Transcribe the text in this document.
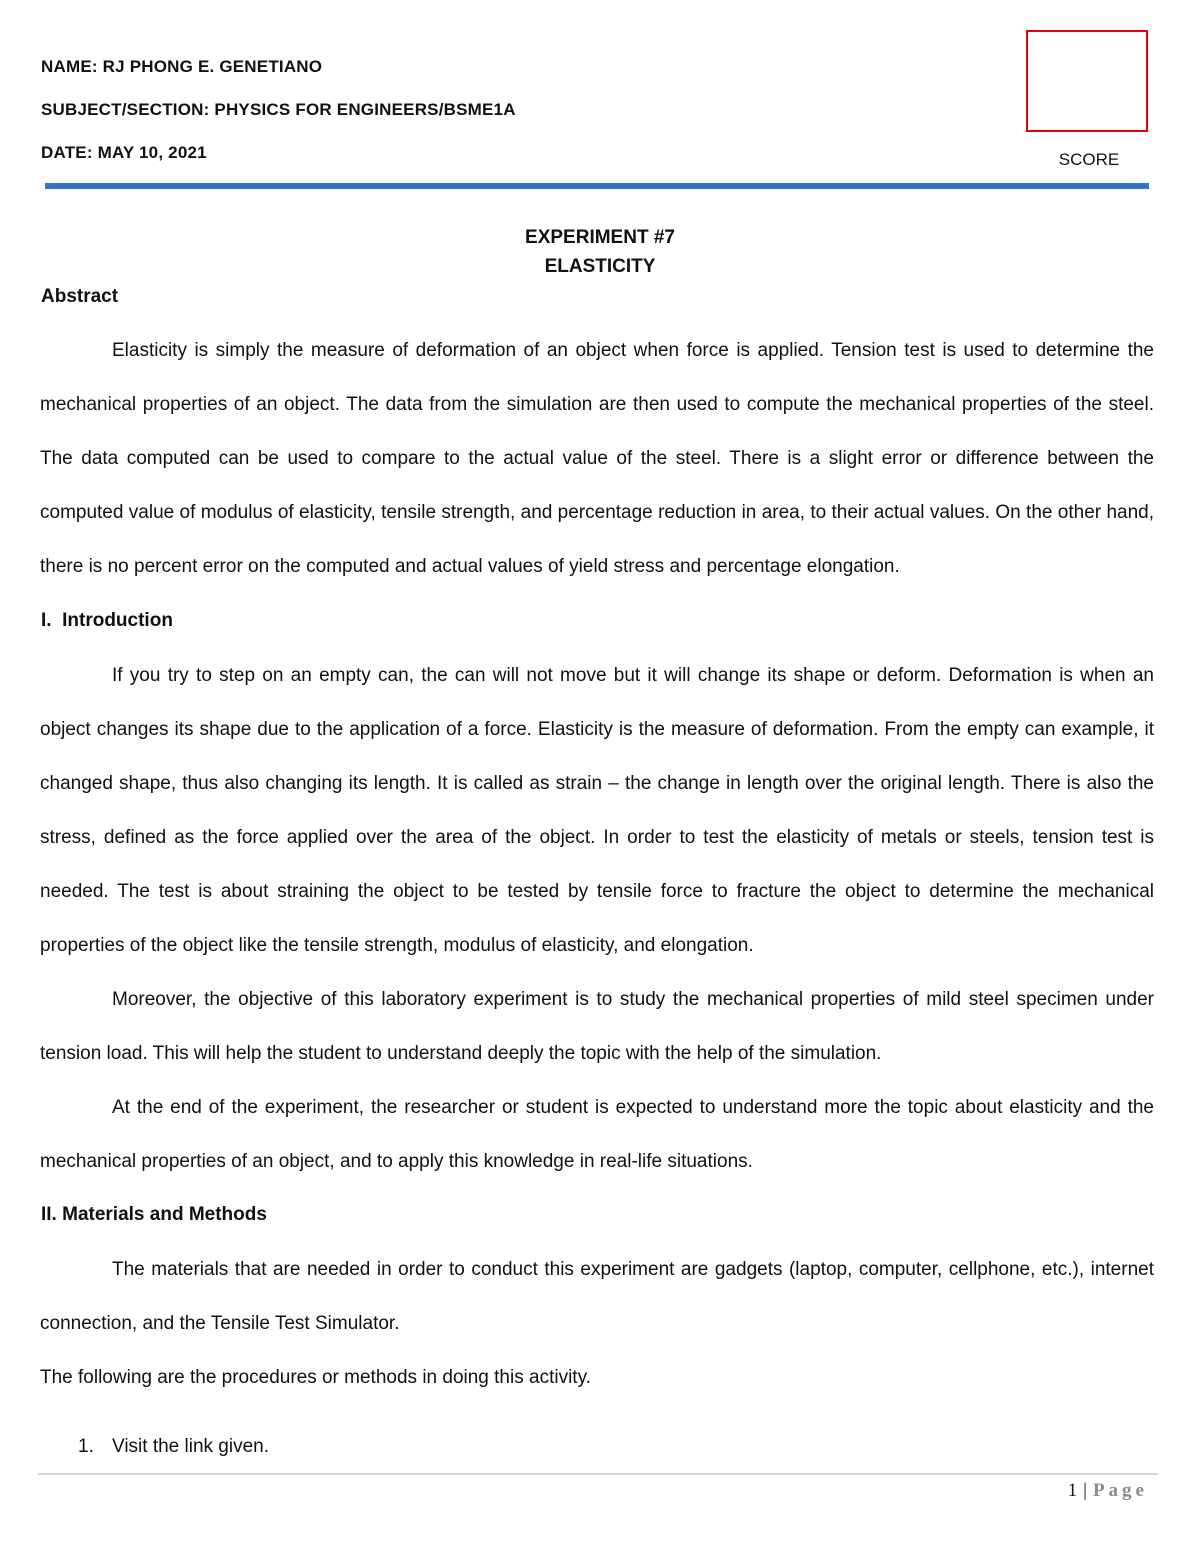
NAME: RJ PHONG E. GENETIANO
SUBJECT/SECTION: PHYSICS FOR ENGINEERS/BSME1A
DATE: MAY 10, 2021	SCORE
EXPERIMENT #7
ELASTICITY
Abstract

Elasticity is simply the measure of deformation of an object when force is applied. Tension test is used to determine the mechanical properties of an object. The data from the simulation are then used to compute the mechanical properties of the steel. The data computed can be used to compare to the actual value of the steel. There is a slight error or difference between the computed value of modulus of elasticity, tensile strength, and percentage reduction in area, to their actual values. On the other hand, there is no percent error on the computed and actual values of yield stress and percentage elongation.

I.  Introduction

If you try to step on an empty can, the can will not move but it will change its shape or deform. Deformation is when an object changes its shape due to the application of a force. Elasticity is the measure of deformation. From the empty can example, it changed shape, thus also changing its length. It is called as strain – the change in length over the original length. There is also the stress, defined as the force applied over the area of the object. In order to test the elasticity of metals or steels, tension test is needed. The test is about straining the object to be tested by tensile force to fracture the object to determine the mechanical properties of the object like the tensile strength, modulus of elasticity, and elongation.

Moreover, the objective of this laboratory experiment is to study the mechanical properties of mild steel specimen under tension load. This will help the student to understand deeply the topic with the help of the simulation.

At the end of the experiment, the researcher or student is expected to understand more the topic about elasticity and the mechanical properties of an object, and to apply this knowledge in real-life situations.

II. Materials and Methods

The materials that are needed in order to conduct this experiment are gadgets (laptop, computer, cellphone, etc.), internet connection, and the Tensile Test Simulator.

The following are the procedures or methods in doing this activity.

1. Visit the link given.
1 | Page
